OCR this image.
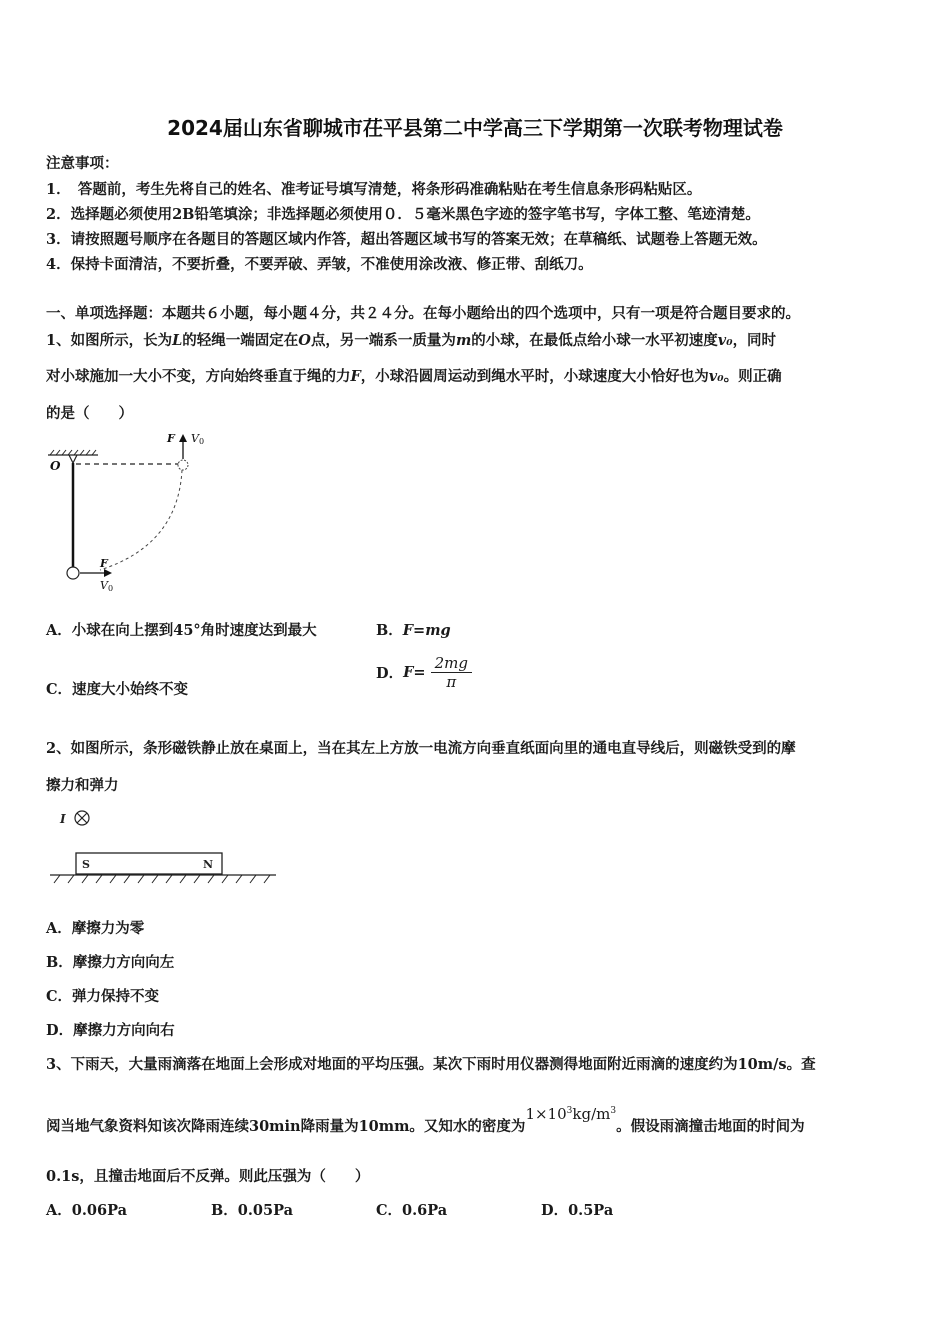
2024届山东省聊城市茌平县第二中学高三下学期第一次联考物理试卷
注意事项：
1．　答题前，考生先将自己的姓名、准考证号填写清楚，将条形码准确粘贴在考生信息条形码粘贴区。
2．选择题必须使用2B铅笔填涂；非选择题必须使用０．５毫米黑色字迹的签字笔书写，字体工整、笔迹清楚。
3．请按照题号顺序在各题目的答题区域内作答，超出答题区域书写的答案无效；在草稿纸、试题卷上答题无效。
4．保持卡面清洁，不要折叠，不要弄破、弄皱，不准使用涂改液、修正带、刮纸刀。
一、单项选择题：本题共６小题，每小题４分，共２４分。在每小题给出的四个选项中，只有一项是符合题目要求的。
1、如图所示，长为L的轻绳一端固定在O点，另一端系一质量为m的小球，在最低点给小球一水平初速度v₀，同时
对小球施加一大小不变，方向始终垂直于绳的力F，小球沿圆周运动到绳水平时，小球速度大小恰好也为v₀。则正确
的是（　　）
O
F V 0
F
V 0
A．小球在向上摆到45°角时速度达到最大	B．F=mg
C．速度大小始终不变
D．$F= \frac{2mg}{\pi}$
2、如图所示，条形磁铁静止放在桌面上，当在其左上方放一电流方向垂直纸面向里的通电直导线后，则磁铁受到的摩
擦力和弹力
I
S	N
A．摩擦力为零
B．摩擦力方向向左
C．弹力保持不变
D．摩擦力方向向右
3、下雨天，大量雨滴落在地面上会形成对地面的平均压强。某次下雨时用仪器测得地面附近雨滴的速度约为10m/s。查
阅当地气象资料知该次降雨连续30min降雨量为10mm。又知水的密度为$1\times 10^3kg/m^3$。假设雨滴撞击地面的时间为
0.1s，且撞击地面后不反弹。则此压强为（　　）
A．0.06Pa	B．0.05Pa	C．0.6Pa	D．0.5Pa
